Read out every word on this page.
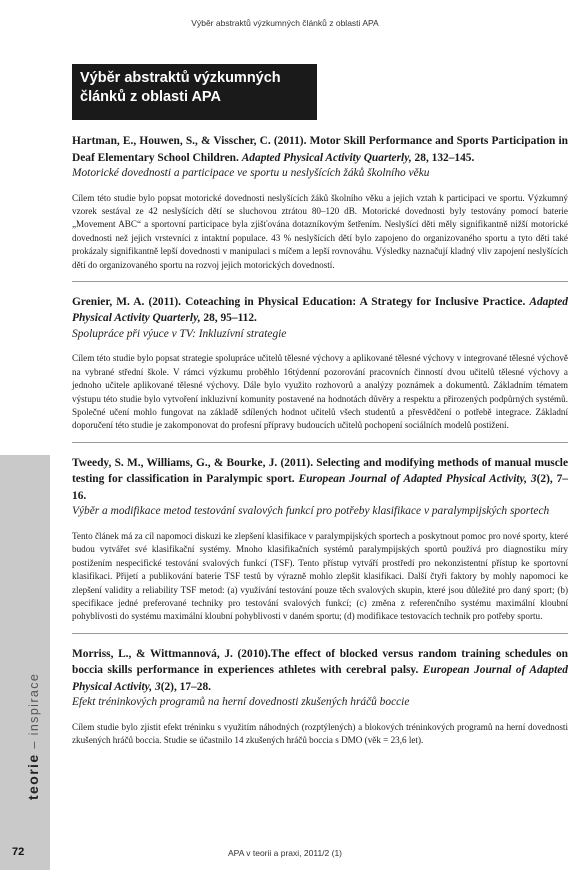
Výběr abstraktů výzkumných článků z oblasti APA
teorie – inspirace
72
Výběr abstraktů výzkumných
článků z oblasti APA

Hartman, E., Houwen, S., & Visscher, C. (2011). Motor Skill Performance and Sports Participation in Deaf Elementary School Children. Adapted Physical Activity Quarterly, 28, 132–145.

Motorické dovednosti a participace ve sportu u neslyšících žáků školního věku

Cílem této studie bylo popsat motorické dovednosti neslyšících žáků školního věku a jejich vztah k participaci ve sportu. Výzkumný vzorek sestával ze 42 neslyšících dětí se sluchovou ztrátou 80–120 dB. Motorické dovednosti byly testovány pomocí baterie „Movement ABC“ a sportovní participace byla zjišťována dotazníkovým šetřením. Neslyšící děti měly signifikantně nižší motorické dovednosti než jejich vrstevníci z intaktní populace. 43 % neslyšících dětí bylo zapojeno do organizovaného sportu a tyto děti také prokázaly signifikantně lepší dovednosti v manipulaci s míčem a lepší rovnováhu. Výsledky naznačují kladný vliv zapojení neslyšících dětí do organizovaného sportu na rozvoj jejich motorických dovedností.

Grenier, M. A. (2011). Coteaching in Physical Education: A Strategy for Inclusive Practice. Adapted Physical Activity Quarterly, 28, 95–112.

Spolupráce při výuce v TV: Inkluzívní strategie

Cílem této studie bylo popsat strategie spolupráce učitelů tělesné výchovy a aplikované tělesné výchovy v integrované tělesné výchově na vybrané střední škole. V rámci výzkumu proběhlo 16týdenní pozorování pracovních činností dvou učitelů tělesné výchovy a jednoho učitele aplikované tělesné výchovy. Dále bylo využito rozhovorů a analýzy poznámek a dokumentů. Základním tématem výstupu této studie bylo vytvoření inkluzivní komunity postavené na hodnotách důvěry a respektu a přirozených podpůrných systémů. Společné učení mohlo fungovat na základě sdílených hodnot učitelů všech studentů a přesvědčení o potřebě integrace. Základní doporučení této studie je zakomponovat do profesní přípravy budoucích učitelů pochopení sociálních modelů postižení.

Tweedy, S. M., Williams, G., & Bourke, J. (2011). Selecting and modifying methods of manual muscle testing for classification in Paralympic sport. European Journal of Adapted Physical Activity, 3(2), 7–16.

Výběr a modifikace metod testování svalových funkcí pro potřeby klasifikace v paralympijských sportech

Tento článek má za cíl napomoci diskuzi ke zlepšení klasifikace v paralympijských sportech a poskytnout pomoc pro nové sporty, které budou vytvářet své klasifikační systémy. Mnoho klasifikačních systémů paralympijských sportů používá pro diagnostiku míry postižením nespecifické testování svalových funkcí (TSF). Tento přístup vytváří prostředí pro nekonzistentní přístup ke sportovní klasifikaci. Přijetí a publikování baterie TSF testů by výrazně mohlo zlepšit klasifikaci. Další čtyři faktory by mohly napomoci ke zlepšení validity a reliability TSF metod: (a) využívání testování pouze těch svalových skupin, které jsou důležité pro daný sport; (b) specifikace jedné preferované techniky pro testování svalových funkcí; (c) změna z referenčního systému maximální kloubní pohyblivosti do systému maximální kloubní pohyblivosti v daném sportu; (d) modifikace testovacích technik pro potřeby sportu.

Morriss, L., & Wittmannová, J. (2010).The effect of blocked versus random training schedules on boccia skills performance in experiences athletes with cerebral palsy. European Journal of Adapted Physical Activity, 3(2), 17–28.

Efekt tréninkových programů na herní dovednosti zkušených hráčů boccie

Cílem studie bylo zjistit efekt tréninku s využitím náhodných (rozptýlených) a blokových tréninkových programů na herní dovednosti zkušených hráčů boccia. Studie se účastnilo 14 zkušených hráčů boccia s DMO (věk = 23,6 let).

APA v teorii a praxi, 2011/2 (1)
